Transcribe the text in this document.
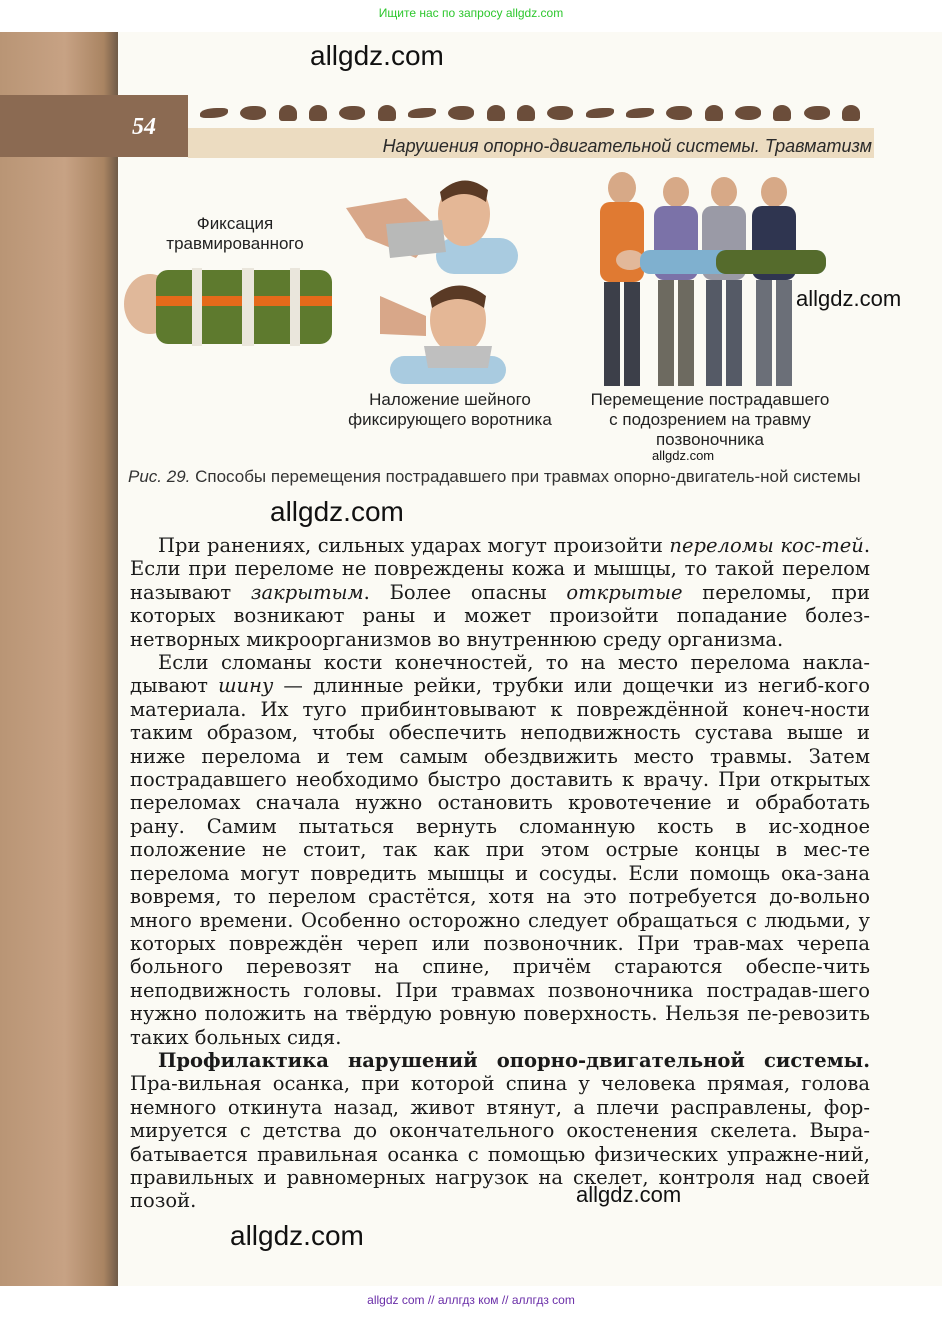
Ищите нас по запросу allgdz.com
54
Нарушения опорно-двигательной системы. Травматизм
allgdz.com
Фиксация
травмированного
Наложение шейного
фиксирующего воротника
allgdz.com
Перемещение пострадавшего
с подозрением на травму
позвоночника
allgdz.com
Рис. 29. Способы перемещения пострадавшего при травмах опорно-двигатель-ной системы
allgdz.com

При ранениях, сильных ударах могут произойти переломы кос-тей. Если при переломе не повреждены кожа и мышцы, то такой перелом называют закрытым. Более опасны открытые переломы, при которых возникают раны и может произойти попадание болез-нетворных микроорганизмов во внутреннюю среду организма.

Если сломаны кости конечностей, то на место перелома накла-дывают шину — длинные рейки, трубки или дощечки из негиб-кого материала. Их туго прибинтовывают к повреждённой конеч-ности таким образом, чтобы обеспечить неподвижность сустава выше и ниже перелома и тем самым обездвижить место травмы. Затем пострадавшего необходимо быстро доставить к врачу. При открытых переломах сначала нужно остановить кровотечение и обработать рану. Самим пытаться вернуть сломанную кость в ис-ходное положение не стоит, так как при этом острые концы в мес-те перелома могут повредить мышцы и сосуды. Если помощь ока-зана вовремя, то перелом срастётся, хотя на это потребуется до-вольно много времени. Особенно осторожно следует обращаться с людьми, у которых повреждён череп или позвоночник. При трав-мах черепа больного перевозят на спине, причём стараются обеспе-чить неподвижность головы. При травмах позвоночника пострадав-шего нужно положить на твёрдую ровную поверхность. Нельзя пе-ревозить таких больных сидя.

Профилактика нарушений опорно-двигательной системы. Пра-вильная осанка, при которой спина у человека прямая, голова немного откинута назад, живот втянут, а плечи расправлены, фор-мируется с детства до окончательного окостенения скелета. Выра-батывается правильная осанка с помощью физических упражне-ний, правильных и равномерных нагрузок на скелет, контроля над своей позой.	allgdz.com
allgdz.com
allgdz com // аллгдз ком // аллгдз com
